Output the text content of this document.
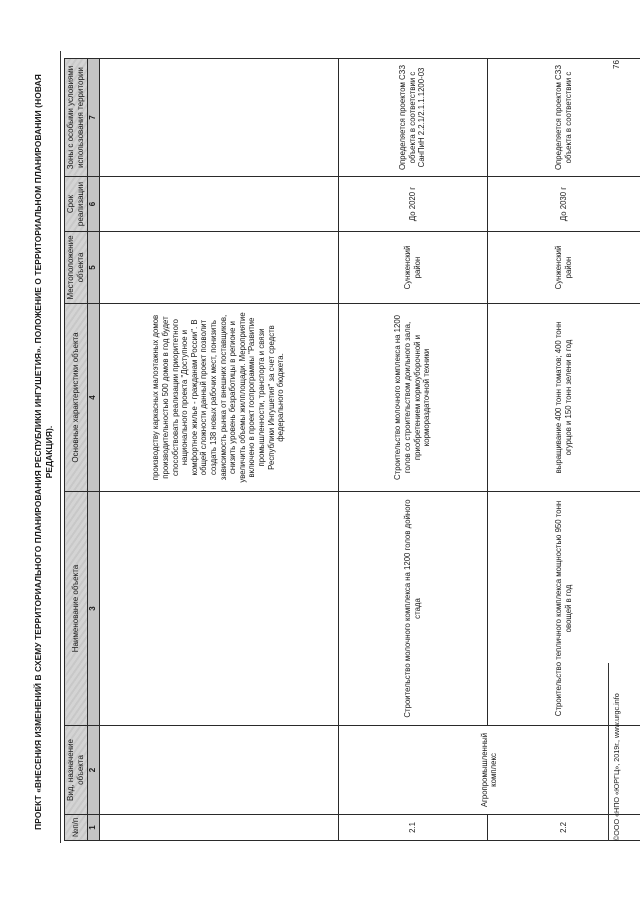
ПРОЕКТ «ВНЕСЕНИЯ ИЗМЕНЕНИЙ В СХЕМУ ТЕРРИТОРИАЛЬНОГО ПЛАНИРОВАНИЯ РЕСПУБЛИКИ ИНГУШЕТИЯ». ПОЛОЖЕНИЕ О ТЕРРИТОРИАЛЬНОМ ПЛАНИРОВАНИИ (НОВАЯ РЕДАКЦИЯ).
№п/п	Вид, назначение объекта	Наименование объекта	Основные характеристики объекта	Местоположение объекта	Срок реализации	Зоны с особыми условиями использования территории
1	2	3	4	5	6	7
			производству каркасных малоэтажных домов производительностью 500 домов в год будет способствовать реализации приоритетного национального проекта "Доступное и комфортное жилье - гражданам России". В общей сложности данный проект позволит создать 138 новых рабочих мест, понизить зависимость рынка от внешних поставщиков, снизить уровень безработицы в регионе и увеличить объемы жилплощади. Мероприятие включено в проект госпрограммы "Развитие промышленности, транспорта и связи Республики Ингушетия" за счет средств федерального бюджета.			
2.1	Агропромышленный комплекс	Строительство молочного комплекса на 1200 голов дойного стада	Строительство молочного комплекса на 1200 голов со строительством доильного зала, приобретением кормоуборочной и кормораздаточной техники	Сунженский район	До 2020 г	Определяется проектом СЗЗ объекта в соответствии с СанПиН 2.2.1/2.1.1.1200-03
2.2		Строительство тепличного комплекса мощностью 950 тонн овощей в год	выращивание 400 тонн томатов; 400 тонн огурцов и 150 тонн зелени в год	Сунженский район	До 2030 г	Определяется проектом СЗЗ объекта в соответствии с
©ООО «НПО «ЮРГЦ», 2019г., www.urgc.info
76
